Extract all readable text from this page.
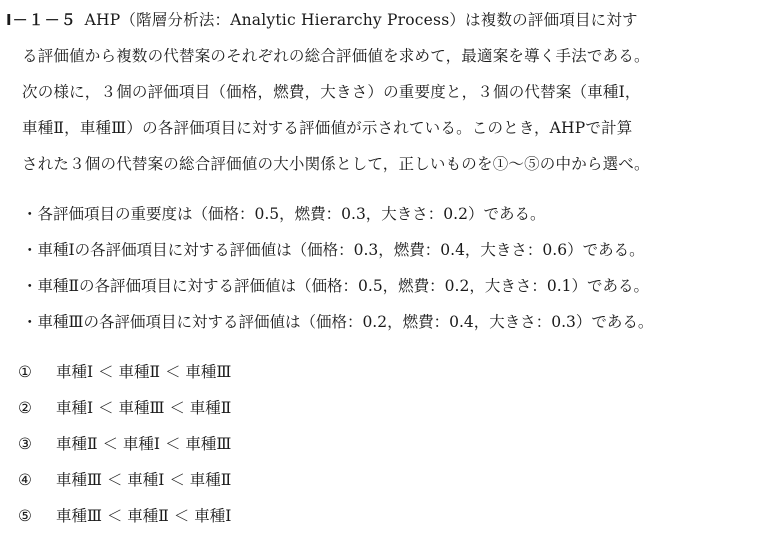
Ⅰ－１－５ AHP（階層分析法：Analytic Hierarchy Process）は複数の評価項目に対す
る評価値から複数の代替案のそれぞれの総合評価値を求めて，最適案を導く手法である。
次の様に，３個の評価項目（価格，燃費，大きさ）の重要度と，３個の代替案（車種Ⅰ，
車種Ⅱ，車種Ⅲ）の各評価項目に対する評価値が示されている。このとき，AHPで計算
された３個の代替案の総合評価値の大小関係として，正しいものを①～⑤の中から選べ。
・各評価項目の重要度は（価格：0.5，燃費：0.3，大きさ：0.2）である。
・車種Ⅰの各評価項目に対する評価値は（価格：0.3，燃費：0.4，大きさ：0.6）である。
・車種Ⅱの各評価項目に対する評価値は（価格：0.5，燃費：0.2，大きさ：0.1）である。
・車種Ⅲの各評価項目に対する評価値は（価格：0.2，燃費：0.4，大きさ：0.3）である。
① 車種Ⅰ ＜ 車種Ⅱ ＜ 車種Ⅲ
② 車種Ⅰ ＜ 車種Ⅲ ＜ 車種Ⅱ
③ 車種Ⅱ ＜ 車種Ⅰ ＜ 車種Ⅲ
④ 車種Ⅲ ＜ 車種Ⅰ ＜ 車種Ⅱ
⑤ 車種Ⅲ ＜ 車種Ⅱ ＜ 車種Ⅰ
